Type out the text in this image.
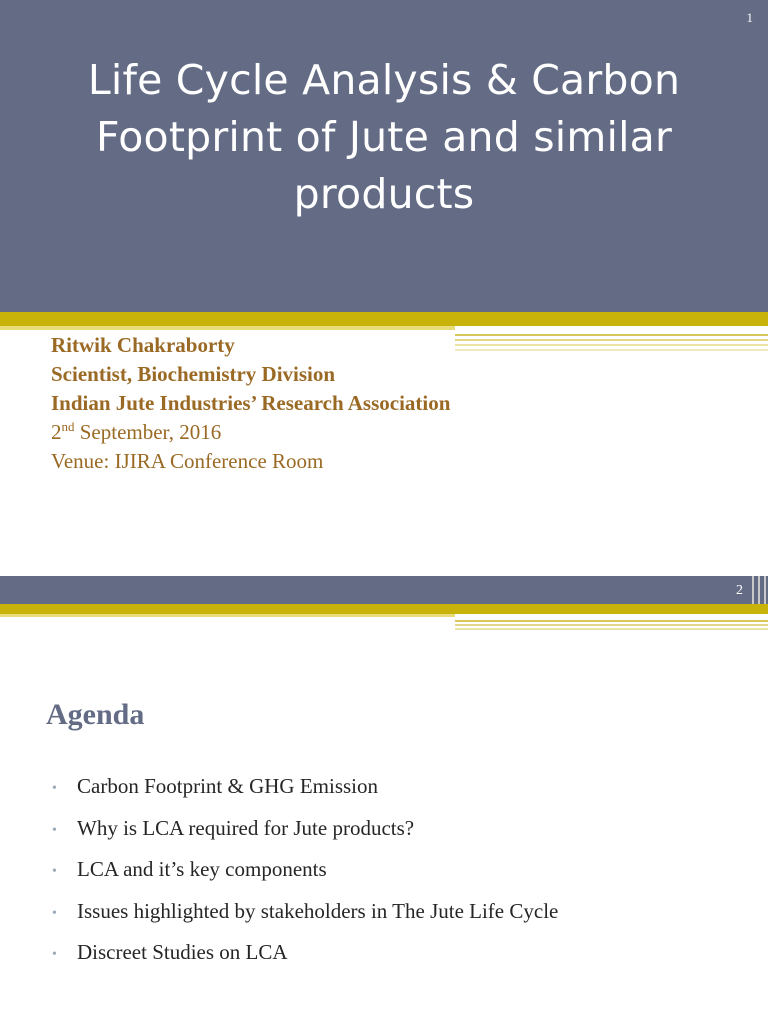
1
Life Cycle Analysis & Carbon
Footprint of Jute and similar
products
Ritwik Chakraborty
Scientist, Biochemistry Division
Indian Jute Industries’ Research Association
2nd September, 2016
Venue: IJIRA Conference Room
2
Agenda
• Carbon Footprint & GHG Emission
• Why is LCA required for Jute products?
• LCA and it’s key components
• Issues highlighted by stakeholders in The Jute Life Cycle
• Discreet Studies on LCA
